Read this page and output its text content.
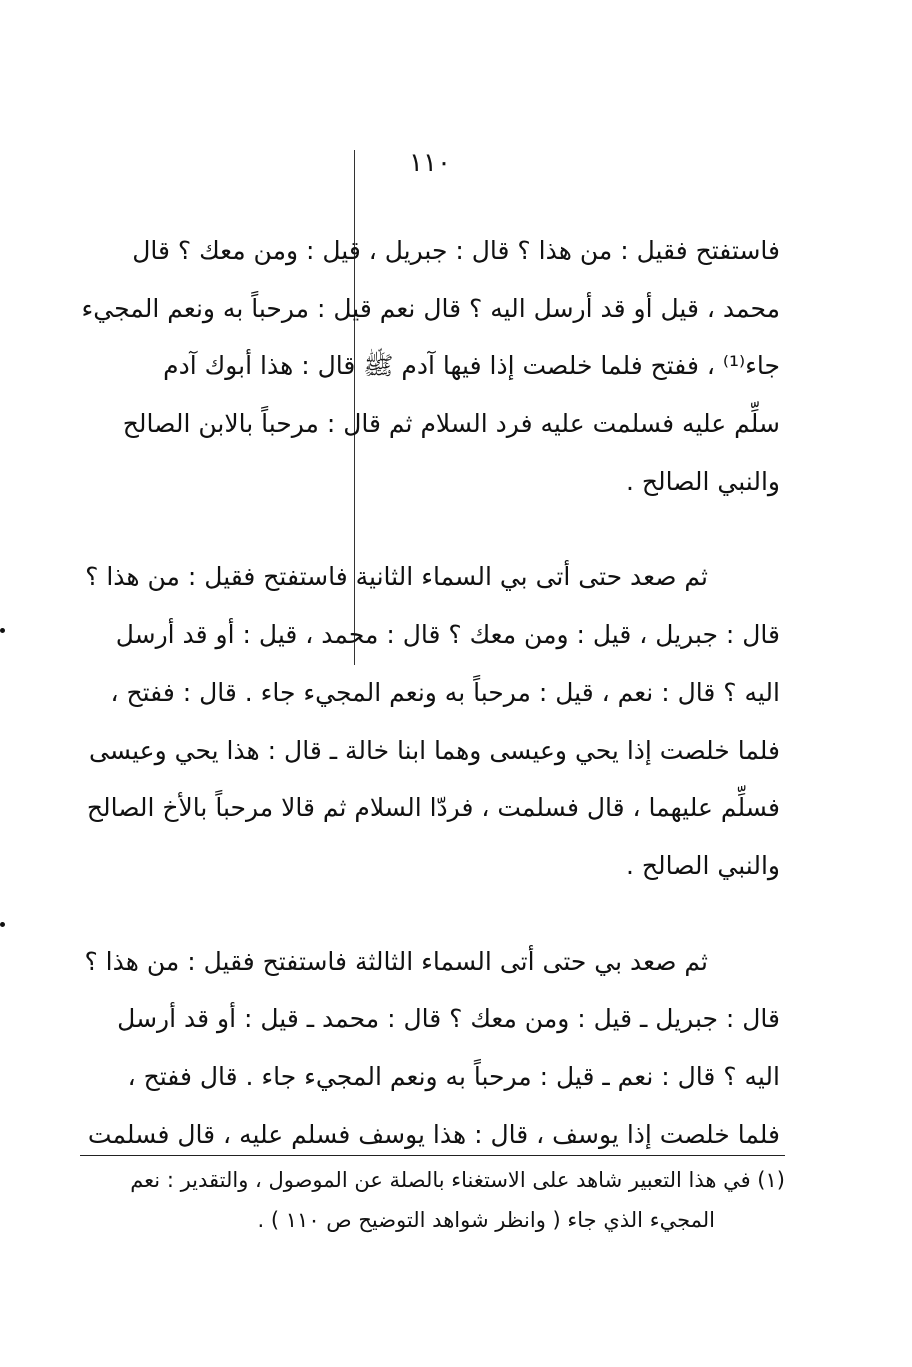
١١٠
فاستفتح فقيل : من هذا ؟ قال : جبريل ، قيل : ومن معك ؟ قال
محمد ، قيل أو قد أرسل اليه ؟ قال نعم قيل : مرحباً به ونعم المجيء
جاء⁽¹⁾ ، ففتح فلما خلصت إذا فيها آدم ﷺ قال : هذا أبوك آدم
سلِّم عليه فسلمت عليه فرد السلام ثم قال : مرحباً بالابن الصالح
والنبي الصالح .
ثم صعد حتى أتى بي السماء الثانية فاستفتح فقيل : من هذا ؟
قال : جبريل ، قيل : ومن معك ؟ قال : محمد ، قيل : أو قد أرسل
اليه ؟ قال : نعم ، قيل : مرحباً به ونعم المجيء جاء . قال : ففتح ،
فلما خلصت إذا يحي وعيسى وهما ابنا خالة ـ قال : هذا يحي وعيسى
فسلِّم عليهما ، قال فسلمت ، فردّا السلام ثم قالا مرحباً بالأخ الصالح
والنبي الصالح .
ثم صعد بي حتى أتى السماء الثالثة فاستفتح فقيل : من هذا ؟
قال : جبريل ـ قيل : ومن معك ؟ قال : محمد ـ قيل : أو قد أرسل
اليه ؟ قال : نعم ـ قيل : مرحباً به ونعم المجيء جاء . قال ففتح ،
فلما خلصت إذا يوسف ، قال : هذا يوسف فسلم عليه ، قال فسلمت
(١) في هذا التعبير شاهد على الاستغناء بالصلة عن الموصول ، والتقدير : نعم
المجيء الذي جاء ( وانظر شواهد التوضيح ص ١١٠ ) .
